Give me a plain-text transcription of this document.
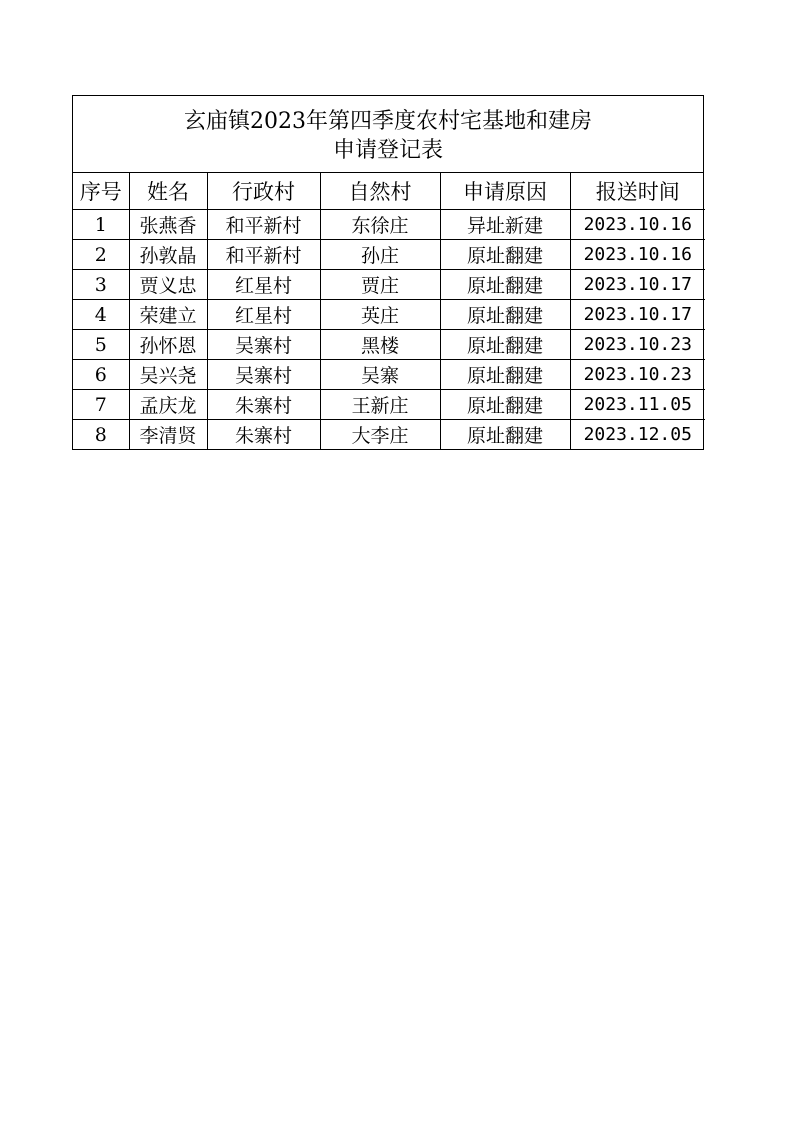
玄庙镇2023年第四季度农村宅基地和建房
申请登记表
序号	姓名	行政村	自然村	申请原因	报送时间
1	张燕香	和平新村	东徐庄	异址新建	2023.10.16
2	孙敦晶	和平新村	孙庄	原址翻建	2023.10.16
3	贾义忠	红星村	贾庄	原址翻建	2023.10.17
4	荣建立	红星村	英庄	原址翻建	2023.10.17
5	孙怀恩	吴寨村	黑楼	原址翻建	2023.10.23
6	吴兴尧	吴寨村	吴寨	原址翻建	2023.10.23
7	孟庆龙	朱寨村	王新庄	原址翻建	2023.11.05
8	李清贤	朱寨村	大李庄	原址翻建	2023.12.05
